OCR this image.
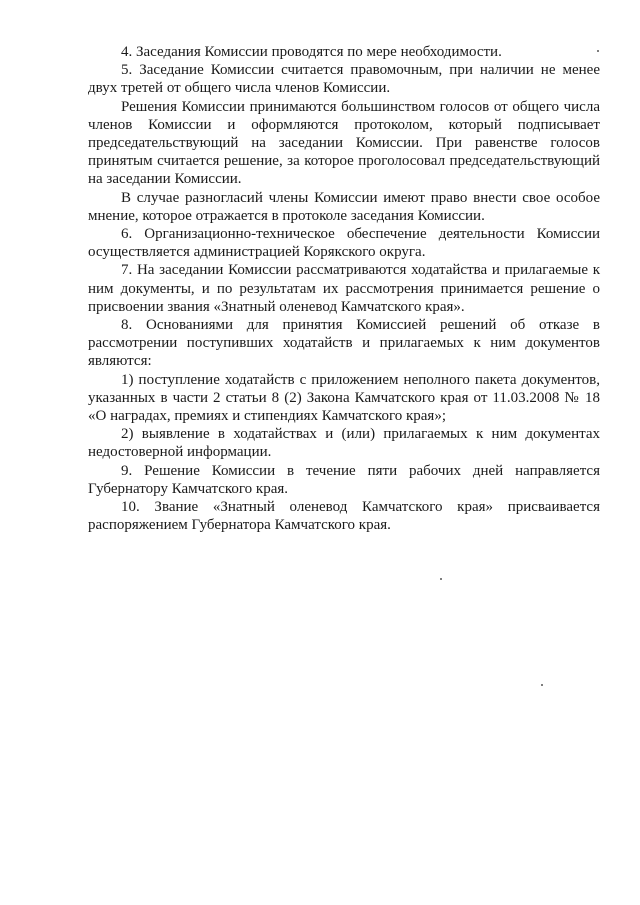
4. Заседания Комиссии проводятся по мере необходимости.

5. Заседание Комиссии считается правомочным, при наличии не менее двух третей от общего числа членов Комиссии.

Решения Комиссии принимаются большинством голосов от общего числа членов Комиссии и оформляются протоколом, который подписывает председательствующий на заседании Комиссии. При равенстве голосов принятым считается решение, за которое проголосовал председательствующий на заседании Комиссии.

В случае разногласий члены Комиссии имеют право внести свое особое мнение, которое отражается в протоколе заседания Комиссии.

6. Организационно-техническое обеспечение деятельности Комиссии осуществляется администрацией Корякского округа.

7. На заседании Комиссии рассматриваются ходатайства и прилагаемые к ним документы, и по результатам их рассмотрения принимается решение о присвоении звания «Знатный оленевод Камчатского края».

8. Основаниями для принятия Комиссией решений об отказе в рассмотрении поступивших ходатайств и прилагаемых к ним документов являются:

1) поступление ходатайств с приложением неполного пакета документов, указанных в части 2 статьи 8 (2) Закона Камчатского края от 11.03.2008 № 18 «О наградах, премиях и стипендиях Камчатского края»;

2) выявление в ходатайствах и (или) прилагаемых к ним документах недостоверной информации.

9. Решение Комиссии в течение пяти рабочих дней направляется Губернатору Камчатского края.

10. Звание «Знатный оленевод Камчатского края» присваивается распоряжением Губернатора Камчатского края.
